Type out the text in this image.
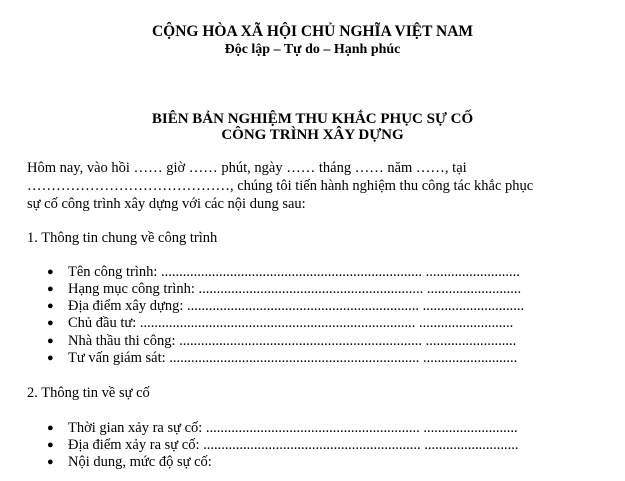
CỘNG HÒA XÃ HỘI CHỦ NGHĨA VIỆT NAM
Độc lập – Tự do – Hạnh phúc
BIÊN BẢN NGHIỆM THU KHẮC PHỤC SỰ CỐ
CÔNG TRÌNH XÂY DỰNG
Hôm nay, vào hồi …… giờ …… phút, ngày …… tháng …… năm ……, tại
……………………………………, chúng tôi tiến hành nghiệm thu công tác khắc phục
sự cố công trình xây dựng với các nội dung sau:
1. Thông tin chung về công trình
● Tên công trình: ........................................................................ ..........................
● Hạng mục công trình: .............................................................. ..........................
● Địa điểm xây dựng: ................................................................ ............................
● Chủ đầu tư: ............................................................................ ..........................
● Nhà thầu thi công: ................................................................... .........................
● Tư vấn giám sát: ..................................................................... ..........................
2. Thông tin về sự cố
● Thời gian xảy ra sự cố: ........................................................... ..........................
● Địa điểm xảy ra sự cố: ............................................................ ..........................
● Nội dung, mức độ sự cố:
